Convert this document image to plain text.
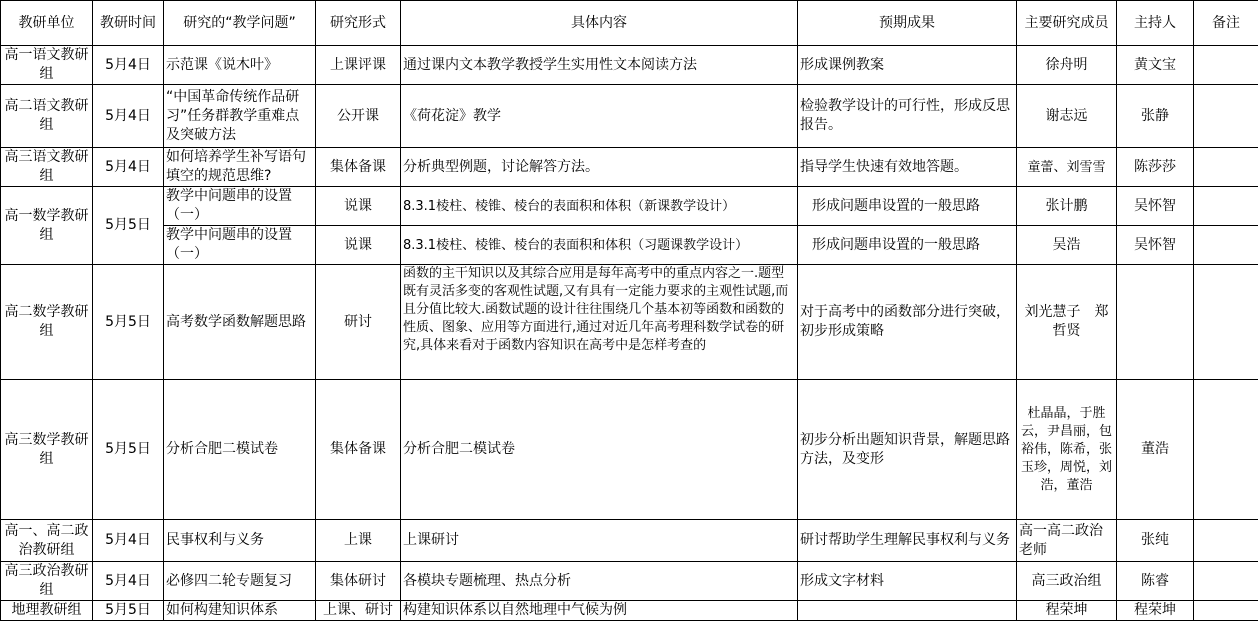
教研单位	教研时间	研究的“教学问题”	研究形式	具体内容	预期成果	主要研究成员	主持人	备注
高一语文教研组	5月4日	示范课《说木叶》	上课评课	通过课内文本教学教授学生实用性文本阅读方法	形成课例教案	徐舟明	黄文宝	
高二语文教研组	5月4日	“中国革命传统作品研习”任务群教学重难点及突破方法	公开课	《荷花淀》教学	检验教学设计的可行性，形成反思报告。	谢志远	张静	
高三语文教研组	5月4日	如何培养学生补写语句填空的规范思维?	集体备课	分析典型例题，讨论解答方法。	指导学生快速有效地答题。	童蕾、刘雪雪	陈莎莎	
高一数学教研组	5月5日	教学中问题串的设置（一）	说课	8.3.1棱柱、棱锥、棱台的表面积和体积（新课教学设计）	形成问题串设置的一般思路	张计鹏	吴怀智	
		教学中问题串的设置（一）	说课	8.3.1棱柱、棱锥、棱台的表面积和体积（习题课教学设计）	形成问题串设置的一般思路	吴浩	吴怀智	
高二数学教研组	5月5日	高考数学函数解题思路	研讨	函数的主干知识以及其综合应用是每年高考中的重点内容之一.题型既有灵活多变的客观性试题,又有具有一定能力要求的主观性试题,而且分值比较大.函数试题的设计往往围绕几个基本初等函数和函数的性质、图象、应用等方面进行,通过对近几年高考理科数学试卷的研究,具体来看对于函数内容知识在高考中是怎样考查的	对于高考中的函数部分进行突破，初步形成策略	刘光慧子　郑哲贤		
高三数学教研组	5月5日	分析合肥二模试卷	集体备课	分析合肥二模试卷	初步分析出题知识背景，解题思路方法，及变形	杜晶晶，于胜云，尹昌丽，包裕伟，陈希，张玉珍，周悦，刘浩，董浩	董浩	
高一、高二政治教研组	5月4日	民事权利与义务	上课	上课研讨	研讨帮助学生理解民事权利与义务	高一高二政治老师	张纯	
高三政治教研组	5月4日	必修四二轮专题复习	集体研讨	各模块专题梳理、热点分析	形成文字材料	高三政治组	陈睿	
地理教研组	5月5日	如何构建知识体系	上课、研讨	构建知识体系以自然地理中气候为例		程荣坤	程荣坤	
